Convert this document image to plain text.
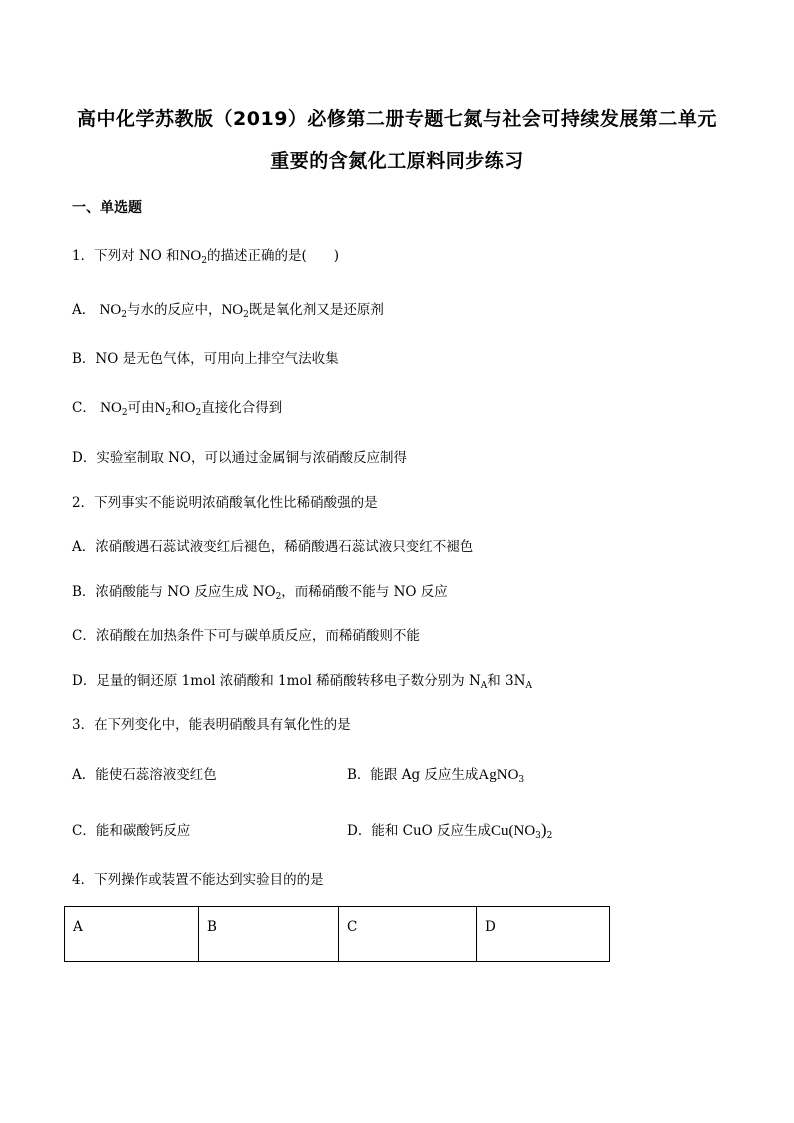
高中化学苏教版（2019）必修第二册专题七氮与社会可持续发展第二单元
重要的含氮化工原料同步练习
一、单选题
1．下列对 NO 和$NO_2$的描述正确的是(　　)
A． $NO_2$与水的反应中，$NO_2$既是氧化剂又是还原剂
B．NO 是无色气体，可用向上排空气法收集
C． $NO_2$可由$N_2$和$O_2$直接化合得到
D．实验室制取 NO，可以通过金属铜与浓硝酸反应制得
2．下列事实不能说明浓硝酸氧化性比稀硝酸强的是
A．浓硝酸遇石蕊试液变红后褪色，稀硝酸遇石蕊试液只变红不褪色
B．浓硝酸能与 NO 反应生成 $NO_2$，而稀硝酸不能与 NO 反应
C．浓硝酸在加热条件下可与碳单质反应，而稀硝酸则不能
D．足量的铜还原 1mol 浓硝酸和 1mol 稀硝酸转移电子数分别为 $N_A$和 $3N_A$
3．在下列变化中，能表明硝酸具有氧化性的是
A．能使石蕊溶液变红色	B．能跟 Ag 反应生成AgNO$_3$
C．能和碳酸钙反应	D．能和 CuO 反应生成$Cu(NO_3)_2$
4．下列操作或装置不能达到实验目的的是
A	B	C	D
